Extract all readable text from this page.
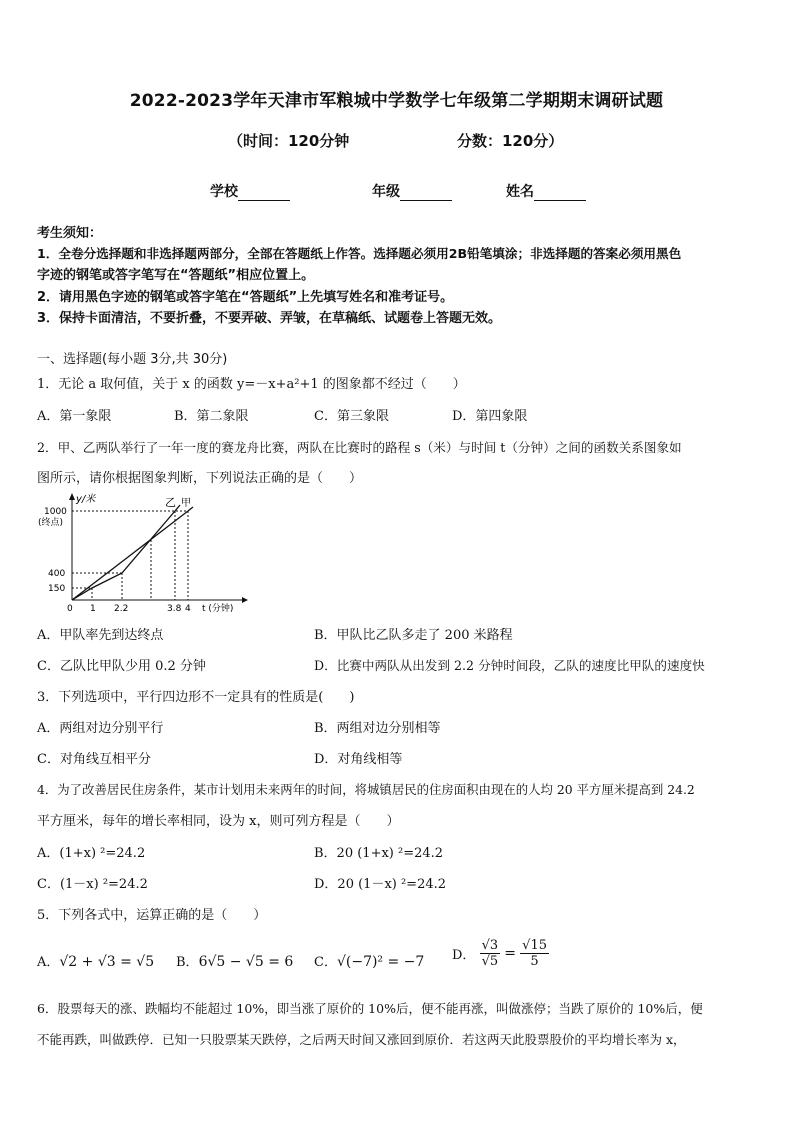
2022-2023学年天津市军粮城中学数学七年级第二学期期末调研试题
（时间：120分钟	分数：120分）
学校	年级	姓名
考生须知：
1．全卷分选择题和非选择题两部分，全部在答题纸上作答。选择题必须用2B铅笔填涂；非选择题的答案必须用黑色
字迹的钢笔或答字笔写在“答题纸”相应位置上。
2．请用黑色字迹的钢笔或答字笔在“答题纸”上先填写姓名和准考证号。
3．保持卡面清洁，不要折叠，不要弄破、弄皱，在草稿纸、试题卷上答题无效。
一、选择题(每小题 3分,共 30分)
1．无论 a 取何值，关于 x 的函数 y=－x+a²+1 的图象都不经过（　　）
A．第一象限	B．第二象限	C．第三象限	D．第四象限
2．甲、乙两队举行了一年一度的赛龙舟比赛，两队在比赛时的路程 s（米）与时间 t（分钟）之间的函数关系图象如
图所示，请你根据图象判断，下列说法正确的是（　　）
y/米
1000
(终点)
400
150
0 1 2.2	3.8 4 t (分钟)
乙 甲
A．甲队率先到达终点	B．甲队比乙队多走了 200 米路程
C．乙队比甲队少用 0.2 分钟	D．比赛中两队从出发到 2.2 分钟时间段，乙队的速度比甲队的速度快
3．下列选项中，平行四边形不一定具有的性质是(　　)
A．两组对边分别平行	B．两组对边分别相等
C．对角线互相平分	D．对角线相等
4．为了改善居民住房条件，某市计划用未来两年的时间，将城镇居民的住房面积由现在的人均 20 平方厘米提高到 24.2
平方厘米，每年的增长率相同，设为 x，则可列方程是（　　）
A．(1+x) ²=24.2	B．20 (1+x) ²=24.2
C．(1－x) ²=24.2	D．20 (1－x) ²=24.2
5．下列各式中，运算正确的是（　　）
A．√2 + √3 = √5 B．6√5 − √5 = 6 C．√(−7)² = −7 D． $\frac{√3}{√5} = \frac{√15}{5}$
6．股票每天的涨、跌幅均不能超过 10%，即当涨了原价的 10%后，便不能再涨，叫做涨停；当跌了原价的 10%后，便
不能再跌，叫做跌停．已知一只股票某天跌停，之后两天时间又涨回到原价．若这两天此股票股价的平均增长率为 x，
